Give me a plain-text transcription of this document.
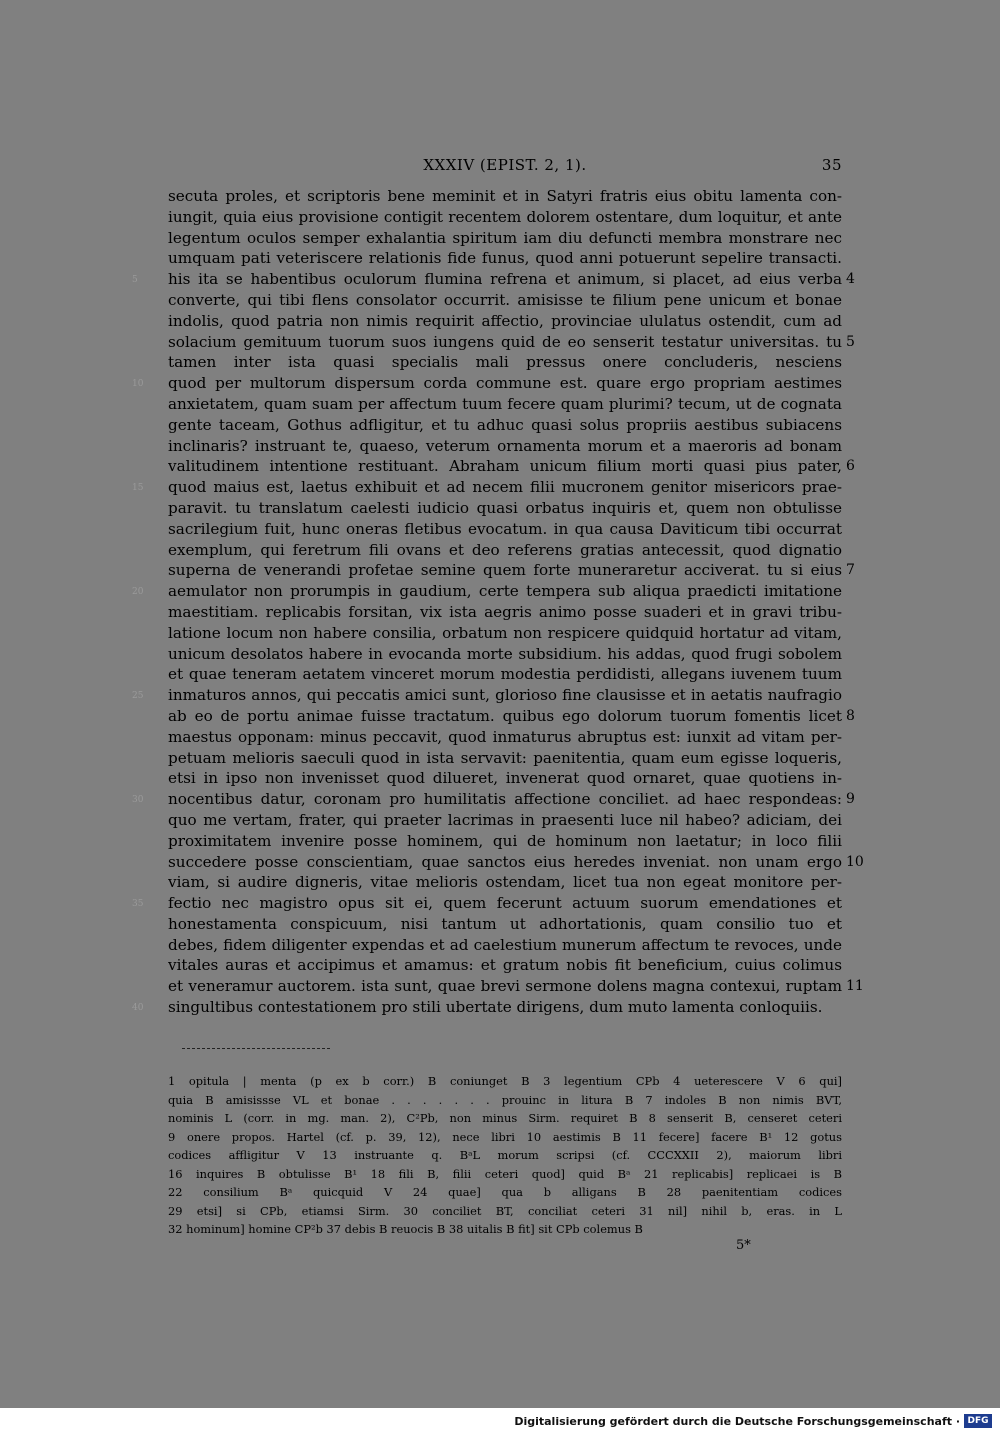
XXXIV (EPIST. 2, 1).	35
secuta proles, et scriptoris bene meminit et in Satyri fratris eius obitu lamenta con-
iungit, quia eius provisione contigit recentem dolorem ostentare, dum loquitur, et ante
legentum oculos semper exhalantia spiritum iam diu defuncti membra monstrare nec
umquam pati veteriscere relationis fide funus, quod anni potuerunt sepelire transacti.
his ita se habentibus oculorum flumina refrena et animum, si placet, ad eius verba
5	4
converte, qui tibi flens consolator occurrit. amisisse te filium pene unicum et bonae
indolis, quod patria non nimis requirit affectio, provinciae ululatus ostendit, cum ad
solacium gemituum tuorum suos iungens quid de eo senserit testatur universitas. tu 5
tamen inter ista quasi specialis mali pressus onere concluderis, nesciens
quod per multorum dispersum corda commune est. quare ergo propriam aestimes
10
anxietatem, quam suam per affectum tuum fecere quam plurimi? tecum, ut de cognata
gente taceam, Gothus adfligitur, et tu adhuc quasi solus propriis aestibus subiacens
inclinaris? instruant te, quaeso, veterum ornamenta morum et a maeroris ad bonam
valitudinem intentione restituant. Abraham unicum filium morti quasi pius pater, 6
quod maius est, laetus exhibuit et ad necem filii mucronem genitor misericors prae-
15
paravit. tu translatum caelesti iudicio quasi orbatus inquiris et, quem non obtulisse
sacrilegium fuit, hunc oneras fletibus evocatum. in qua causa Daviticum tibi occurrat
exemplum, qui feretrum fili ovans et deo referens gratias antecessit, quod dignatio
superna de venerandi profetae semine quem forte muneraretur acciverat. tu si eius 7
aemulator non prorumpis in gaudium, certe tempera sub aliqua praedicti imitatione
20
maestitiam. replicabis forsitan, vix ista aegris animo posse suaderi et in gravi tribu-
latione locum non habere consilia, orbatum non respicere quidquid hortatur ad vitam,
unicum desolatos habere in evocanda morte subsidium. his addas, quod frugi sobolem
et quae teneram aetatem vinceret morum modestia perdidisti, allegans iuvenem tuum
inmaturos annos, qui peccatis amici sunt, glorioso fine clausisse et in aetatis naufragio
25
ab eo de portu animae fuisse tractatum. quibus ego dolorum tuorum fomentis licet 8
maestus opponam: minus peccavit, quod inmaturus abruptus est: iunxit ad vitam per-
petuam melioris saeculi quod in ista servavit: paenitentia, quam eum egisse loqueris,
etsi in ipso non invenisset quod dilueret, invenerat quod ornaret, quae quotiens in-
nocentibus datur, coronam pro humilitatis affectione conciliet. ad haec respondeas:
30	9
quo me vertam, frater, qui praeter lacrimas in praesenti luce nil habeo? adiciam, dei
proximitatem invenire posse hominem, qui de hominum non laetatur; in loco filii
succedere posse conscientiam, quae sanctos eius heredes inveniat. non unam ergo 10
viam, si audire digneris, vitae melioris ostendam, licet tua non egeat monitore per-
fectio nec magistro opus sit ei, quem fecerunt actuum suorum emendationes et
35
honestamenta conspicuum, nisi tantum ut adhortationis, quam consilio tuo et
debes, fidem diligenter expendas et ad caelestium munerum affectum te revoces, unde
vitales auras et accipimus et amamus: et gratum nobis fit beneficium, cuius colimus
et veneramur auctorem. ista sunt, quae brevi sermone dolens magna contexui, ruptam 11
singultibus contestationem pro stili ubertate dirigens, dum muto lamenta conloquiis.
40
1 opitula | menta (p ex b corr.) B coniunget B 3 legentium CPb 4 ueterescere V 6 qui]
quia B amisissse VL et bonae . . . . . . . prouinc in litura B 7 indoles B non nimis BVT,
nominis L (corr. in mg. man. 2), C²Pb, non minus Sirm. requiret B 8 senserit B, censeret ceteri
9 onere propos. Hartel (cf. p. 39, 12), nece libri 10 aestimis B 11 fecere] facere B¹ 12 gotus
codices affligitur V 13 instruante q. BᵃL morum scripsi (cf. CCCXXII 2), maiorum libri
16 inquires B obtulisse B¹ 18 fili B, filii ceteri quod] quid Bᵃ 21 replicabis] replicaei is B
22 consilium Bᵃ quicquid V 24 quae] qua b alligans B 28 paenitentiam codices
29 etsi] si CPb, etiamsi Sirm. 30 conciliet BT, conciliat ceteri 31 nil] nihil b, eras. in L
32 hominum] homine CP²b 37 debis B reuocis B 38 uitalis B fit] sit CPb colemus B
5*
Digitalisierung gefördert durch die Deutsche Forschungsgemeinschaft · DFG
